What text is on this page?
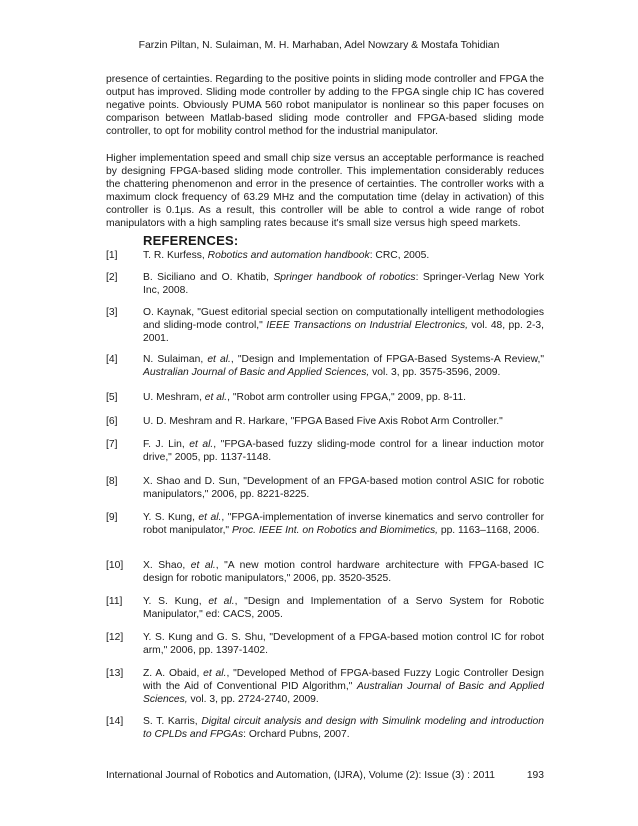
Farzin Piltan, N. Sulaiman, M. H. Marhaban, Adel Nowzary & Mostafa Tohidian

presence of certainties. Regarding to the positive points in sliding mode controller and FPGA the output has improved. Sliding mode controller by adding to the FPGA single chip IC has covered negative points. Obviously PUMA 560 robot manipulator is nonlinear so this paper focuses on comparison between Matlab-based sliding mode controller and FPGA-based sliding mode controller, to opt for mobility control method for the industrial manipulator.

Higher implementation speed and small chip size versus an acceptable performance is reached by designing FPGA-based sliding mode controller. This implementation considerably reduces the chattering phenomenon and error in the presence of certainties. The controller works with a maximum clock frequency of 63.29 MHz and the computation time (delay in activation) of this controller is 0.1μs. As a result, this controller will be able to control a wide range of robot manipulators with a high sampling rates because it's small size versus high speed markets.

REFERENCES:
[1] T. R. Kurfess, Robotics and automation handbook: CRC, 2005.
[2] B. Siciliano and O. Khatib, Springer handbook of robotics: Springer-Verlag New York Inc, 2008.
[3] O. Kaynak, "Guest editorial special section on computationally intelligent methodologies and sliding-mode control," IEEE Transactions on Industrial Electronics, vol. 48, pp. 2-3, 2001.
[4] N. Sulaiman, et al., "Design and Implementation of FPGA-Based Systems-A Review," Australian Journal of Basic and Applied Sciences, vol. 3, pp. 3575-3596, 2009.
[5] U. Meshram, et al., "Robot arm controller using FPGA," 2009, pp. 8-11.
[6] U. D. Meshram and R. Harkare, "FPGA Based Five Axis Robot Arm Controller."
[7] F. J. Lin, et al., "FPGA-based fuzzy sliding-mode control for a linear induction motor drive," 2005, pp. 1137-1148.
[8] X. Shao and D. Sun, "Development of an FPGA-based motion control ASIC for robotic manipulators," 2006, pp. 8221-8225.
[9] Y. S. Kung, et al., "FPGA-implementation of inverse kinematics and servo controller for robot manipulator," Proc. IEEE Int. on Robotics and Biomimetics, pp. 1163–1168, 2006.
[10] X. Shao, et al., "A new motion control hardware architecture with FPGA-based IC design for robotic manipulators," 2006, pp. 3520-3525.
[11] Y. S. Kung, et al., "Design and Implementation of a Servo System for Robotic Manipulator," ed: CACS, 2005.
[12] Y. S. Kung and G. S. Shu, "Development of a FPGA-based motion control IC for robot arm," 2006, pp. 1397-1402.
[13] Z. A. Obaid, et al., "Developed Method of FPGA-based Fuzzy Logic Controller Design with the Aid of Conventional PID Algorithm," Australian Journal of Basic and Applied Sciences, vol. 3, pp. 2724-2740, 2009.
[14] S. T. Karris, Digital circuit analysis and design with Simulink modeling and introduction to CPLDs and FPGAs: Orchard Pubns, 2007.
International Journal of Robotics and Automation, (IJRA), Volume (2): Issue (3) : 2011	193
